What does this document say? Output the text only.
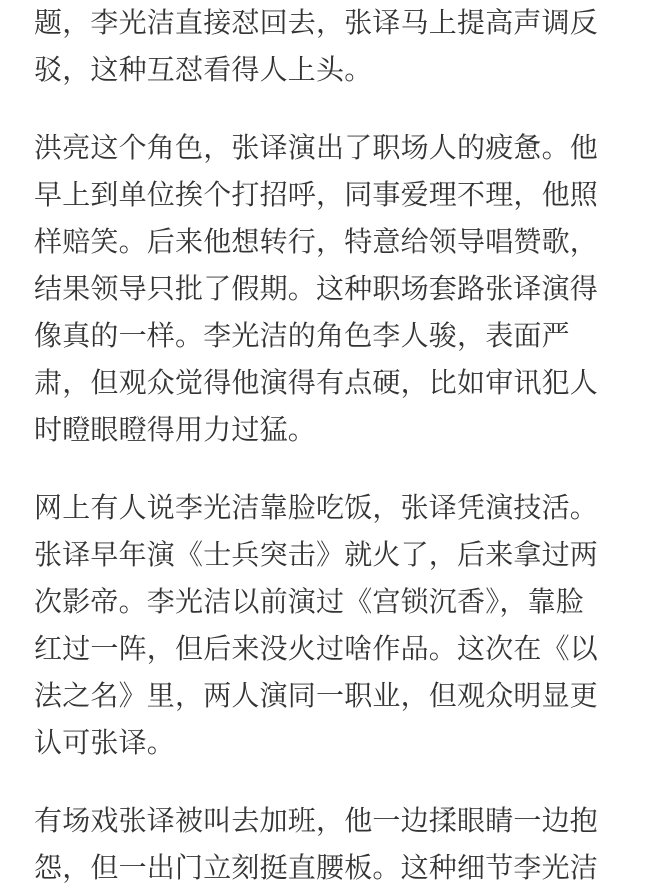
题，李光洁直接怼回去，张译马上提高声调反
驳，这种互怼看得人上头。
洪亮这个角色，张译演出了职场人的疲惫。他
早上到单位挨个打招呼，同事爱理不理，他照
样赔笑。后来他想转行，特意给领导唱赞歌，
结果领导只批了假期。这种职场套路张译演得
像真的一样。李光洁的角色李人骏，表面严
肃，但观众觉得他演得有点硬，比如审讯犯人
时瞪眼瞪得用力过猛。
网上有人说李光洁靠脸吃饭，张译凭演技活。
张译早年演《士兵突击》就火了，后来拿过两
次影帝。李光洁以前演过《宫锁沉香》，靠脸
红过一阵，但后来没火过啥作品。这次在《以
法之名》里，两人演同一职业，但观众明显更
认可张译。
有场戏张译被叫去加班，他一边揉眼睛一边抱
怨，但一出门立刻挺直腰板。这种细节李光洁
